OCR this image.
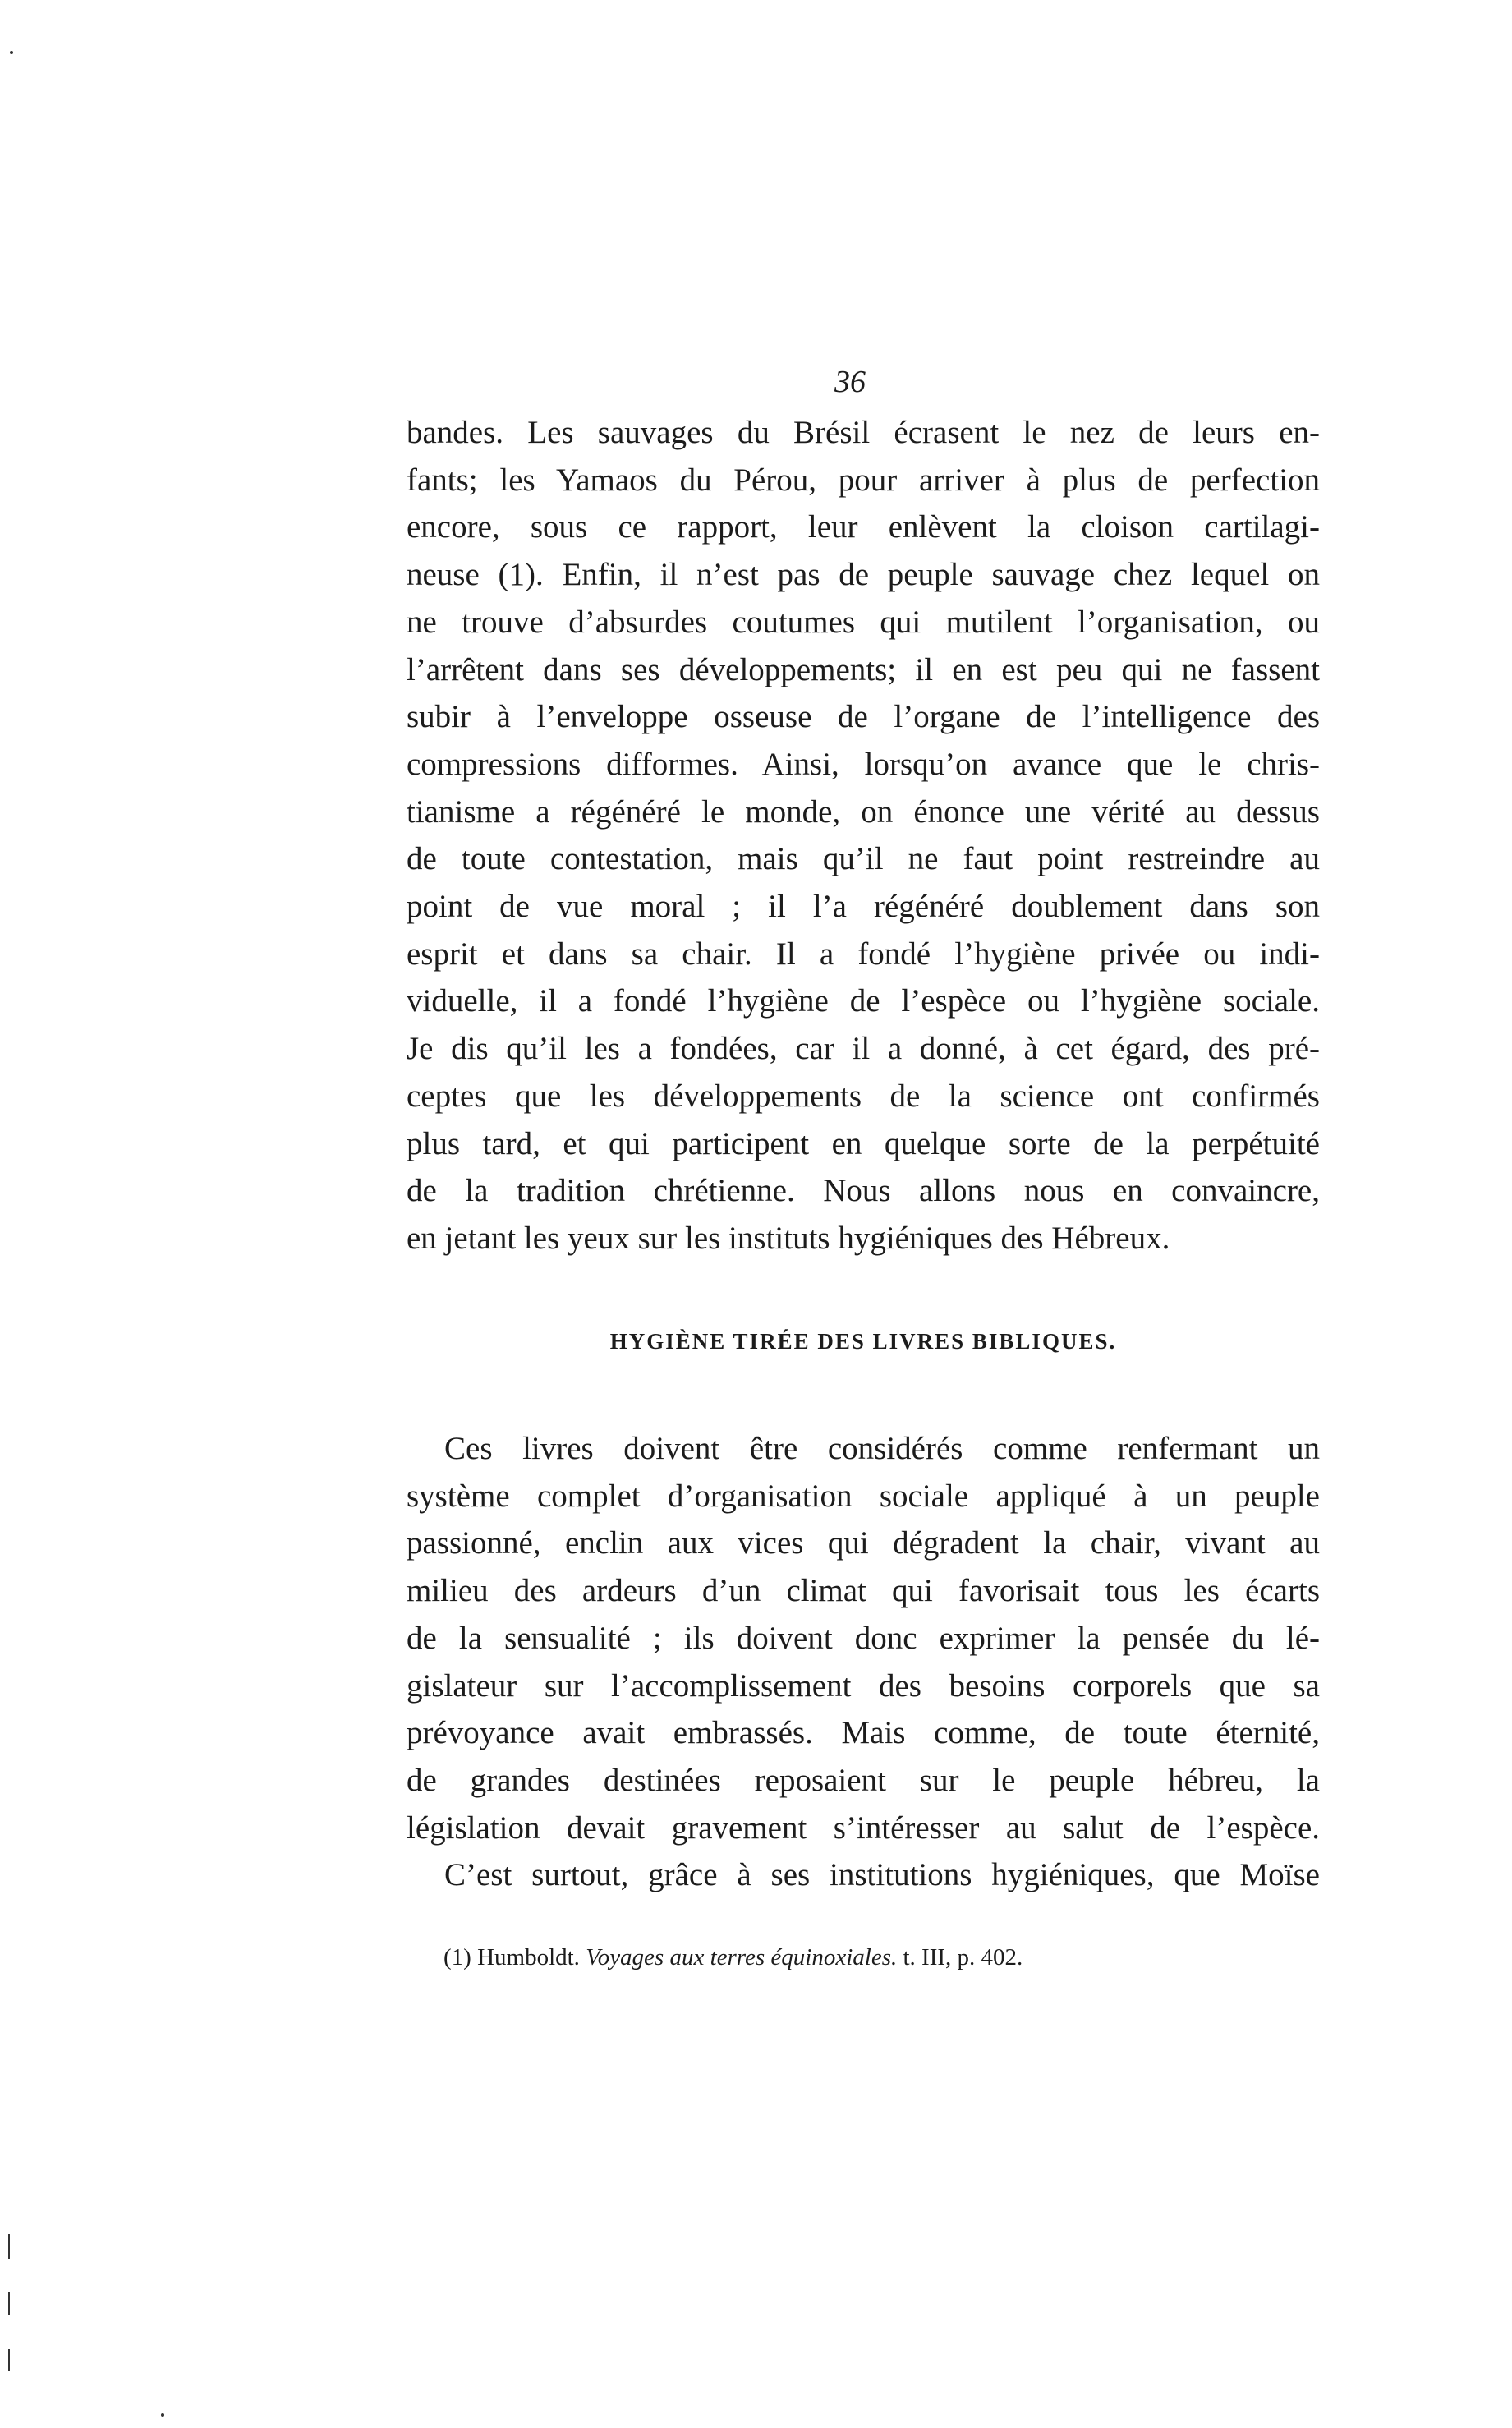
36
bandes. Les sauvages du Brésil écrasent le nez de leurs en-
fants; les Yamaos du Pérou, pour arriver à plus de perfection
encore, sous ce rapport, leur enlèvent la cloison cartilagi-
neuse (1). Enfin, il n’est pas de peuple sauvage chez lequel on
ne trouve d’absurdes coutumes qui mutilent l’organisation, ou
l’arrêtent dans ses développements; il en est peu qui ne fassent
subir à l’enveloppe osseuse de l’organe de l’intelligence des
compressions difformes. Ainsi, lorsqu’on avance que le chris-
tianisme a régénéré le monde, on énonce une vérité au dessus
de toute contestation, mais qu’il ne faut point restreindre au
point de vue moral ; il l’a régénéré doublement dans son
esprit et dans sa chair. Il a fondé l’hygiène privée ou indi-
viduelle, il a fondé l’hygiène de l’espèce ou l’hygiène sociale.
Je dis qu’il les a fondées, car il a donné, à cet égard, des pré-
ceptes que les développements de la science ont confirmés
plus tard, et qui participent en quelque sorte de la perpétuité
de la tradition chrétienne. Nous allons nous en convaincre,
en jetant les yeux sur les instituts hygiéniques des Hébreux.
HYGIÈNE TIRÉE DES LIVRES BIBLIQUES.
Ces livres doivent être considérés comme renfermant un
système complet d’organisation sociale appliqué à un peuple
passionné, enclin aux vices qui dégradent la chair, vivant au
milieu des ardeurs d’un climat qui favorisait tous les écarts
de la sensualité ; ils doivent donc exprimer la pensée du lé-
gislateur sur l’accomplissement des besoins corporels que sa
prévoyance avait embrassés. Mais comme, de toute éternité,
de grandes destinées reposaient sur le peuple hébreu, la
législation devait gravement s’intéresser au salut de l’espèce.
C’est surtout, grâce à ses institutions hygiéniques, que Moïse
(1) Humboldt. Voyages aux terres équinoxiales. t. III, p. 402.
